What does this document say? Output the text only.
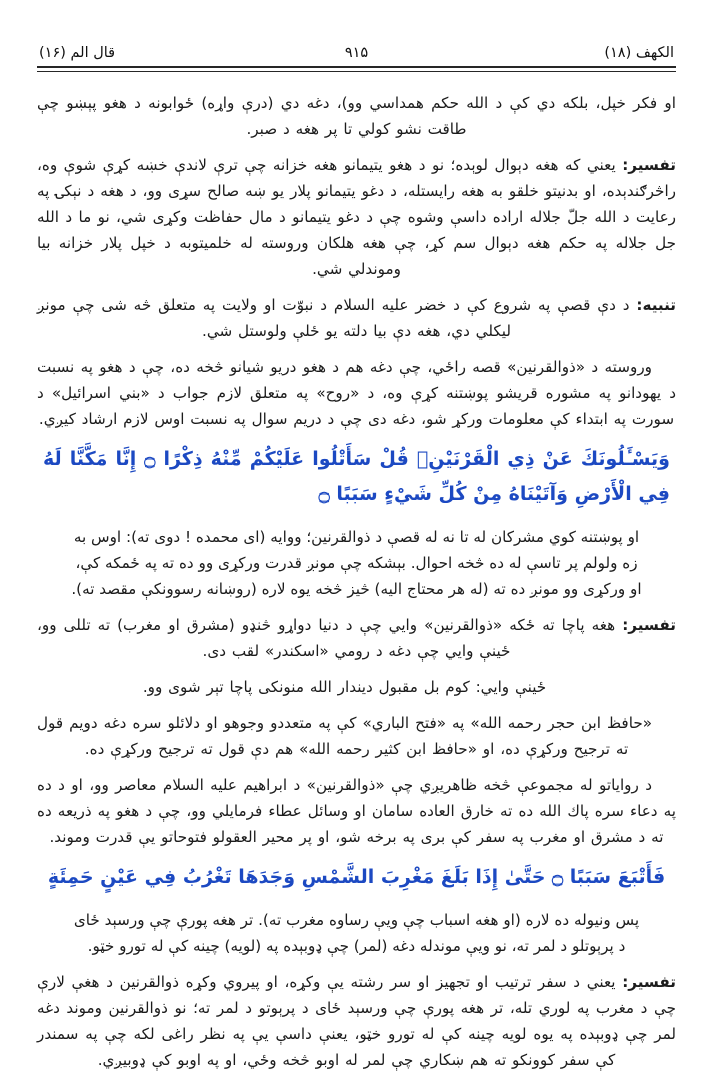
الكهف (۱۸)
۹۱۵
قال الم (۱۶)

او فكر خپل، بلكه دي كې د الله حكم همداسي وو)، دغه دي (درې واړه) ځوابونه د هغو پېښو چې طاقت نشو كولي تا پر هغه د صبر.

تفسير: يعني كه هغه دېوال لوېده؛ نو د هغو يتيمانو هغه خزانه چې ترې لاندې خښه كړې شوې وه، راڅرګندېده، او بدنيتو خلقو به هغه رايستله، د دغو يتيمانو پلار يو ښه صالح سړى وو، د هغه د نېكۍ په رعايت د الله جلّ جلاله اراده داسې وشوه چې د دغو يتيمانو د مال حفاظت وكړى شي، نو ما د الله جل جلاله په حكم هغه دېوال سم كړ، چې هغه هلكان وروسته له خلميتوبه د خپل پلار خزانه بيا وموندلي شي.

تنبيه: د دې قصې په شروع كې د خضر عليه السلام د نبوّت او ولايت په متعلق څه شى چې مونږ ليكلي دي، هغه دې بيا دلته يو ځلې ولوستل شي.

وروسته د «ذوالقرنين» قصه راځي، چې دغه هم د هغو دريو شيانو څخه ده، چې د هغو په نسبت د يهودانو په مشوره قريشو پوښتنه كړې وه، د «روح» په متعلق لازم جواب د «بني اسرائيل» د سورت په ابتداء كې معلومات وركړ شو، دغه دى چې د دريم سوال په نسبت اوس لازم ارشاد كيږي.

وَيَسْـَٔلُونَكَ عَنْ ذِي الْقَرْنَيْنِۖ قُلْ سَأَتْلُوا عَلَيْكُمْ مِّنْهُ ذِكْرًا ۝ إِنَّا مَكَّنَّا لَهُ فِي الْأَرْضِ وَآتَيْنَاهُ مِنْ كُلِّ شَيْءٍ سَبَبًا ۝

او پوښتنه كوي مشركان له تا نه له قصې د ذوالقرنين؛ ووايه (اى محمده ! دوى ته): اوس به زه ولولم پر تاسې له ده څخه احوال. بېشكه چې مونږ قدرت وركړى وو ده ته په ځمكه كې، او وركړى وو مونږ ده ته (له هر محتاج اليه) څيز څخه يوه لاره (روښانه رسوونكې مقصد ته).

تفسير: هغه پاچا ته ځكه «ذوالقرنين» وايي چې د دنيا دواړو څنډو (مشرق او مغرب) ته تللى وو، ځينې وايي چې دغه د رومي «اسكندر» لقب دى.

ځينې وايي: كوم بل مقبول ديندار الله منونكى پاچا تېر شوى وو.

«حافظ ابن حجر رحمه الله» په «فتح الباري» كې په متعددو وجوهو او دلائلو سره دغه دويم قول ته ترجيح وركړې ده، او «حافظ ابن كثير رحمه الله» هم دې قول ته ترجيح وركړې ده.

د رواياتو له مجموعې څخه ظاهريږي چې «ذوالقرنين» د ابراهيم عليه السلام معاصر وو، او د ده په دعاء سره پاك الله ده ته خارق العاده سامان او وسائل عطاء فرمايلي وو، چې د هغو په ذريعه ده ته د مشرق او مغرب په سفر كې برى په برخه شو، او پر محير العقولو فتوحاتو يې قدرت وموند.

فَأَتْبَعَ سَبَبًا ۝ حَتَّىٰ إِذَا بَلَغَ مَغْرِبَ الشَّمْسِ وَجَدَهَا تَغْرُبُ فِي عَيْنٍ حَمِئَةٍ

پس ونيوله ده لاره (او هغه اسباب چې ويې رساوه مغرب ته). تر هغه پورې چې ورسېد ځاى د پرېوتلو د لمر ته، نو ويې موندله دغه (لمر) چې ډوبېده په (لويه) چينه كې له تورو خټو.

تفسير: يعني د سفر ترتيب او تجهيز او سر رشته يې وكړه، او پيروي وكړه ذوالقرنين د هغې لارې چې د مغرب په لوري تله، تر هغه پورې چې ورسېد ځاى د پرېوتو د لمر ته؛ نو ذوالقرنين وموند دغه لمر چې ډوبېده په يوه لويه چينه كې له تورو خټو، يعنې داسې يې په نظر راغى لكه چې په سمندر كې سفر كوونكو ته هم ښكاري چې لمر له اوبو څخه وځي، او په اوبو كې ډوبيږي.
